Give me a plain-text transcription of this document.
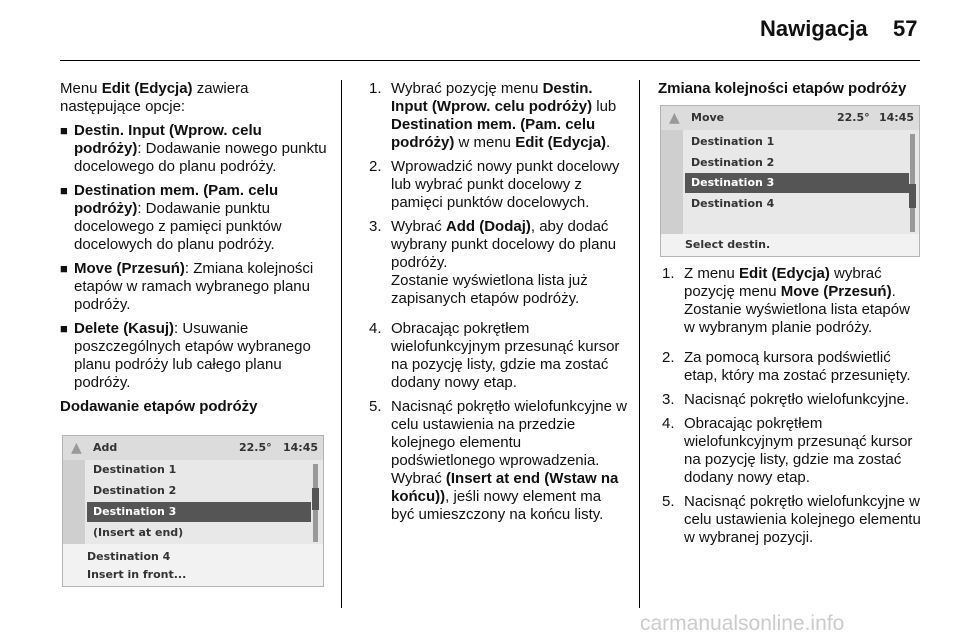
Nawigacja 57

Menu Edit (Edycja) zawiera następujące opcje:

■ Destin. Input (Wprow. celu podróży): Dodawanie nowego punktu docelowego do planu podróży.
■ Destination mem. (Pam. celu podróży): Dodawanie punktu docelowego z pamięci punktów docelowych do planu podróży.
■ Move (Przesuń): Zmiana kolejności etapów w ramach wybranego planu podróży.
■ Delete (Kasuj): Usuwanie poszczególnych etapów wybranego planu podróży lub całego planu podróży.

Dodawanie etapów podróży

▲ Add	22.5° 14:45
Destination 1
Destination 2
Destination 3
(Insert at end)
Destination 4
Insert in front...
1. Wybrać pozycję menu Destin. Input (Wprow. celu podróży) lub Destination mem. (Pam. celu podróży) w menu Edit (Edycja).
2. Wprowadzić nowy punkt docelowy lub wybrać punkt docelowy z pamięci punktów docelowych.
3. Wybrać Add (Dodaj), aby dodać wybrany punkt docelowy do planu podróży.

Zostanie wyświetlona lista już zapisanych etapów podróży.

4. Obracając pokrętłem wielofunkcyjnym przesunąć kursor na pozycję listy, gdzie ma zostać dodany nowy etap.
5. Nacisnąć pokrętło wielofunkcyjne w celu ustawienia na przedzie kolejnego elementu podświetlonego wprowadzenia.

Wybrać (Insert at end (Wstaw na końcu)), jeśli nowy element ma być umieszczony na końcu listy.

Zmiana kolejności etapów podróży

▲ Move	22.5° 14:45
Destination 1
Destination 2
Destination 3
Destination 4
Select destin.
1. Z menu Edit (Edycja) wybrać pozycję menu Move (Przesuń).

Zostanie wyświetlona lista etapów w wybranym planie podróży.

2. Za pomocą kursora podświetlić etap, który ma zostać przesunięty.
3. Nacisnąć pokrętło wielofunkcyjne.
4. Obracając pokrętłem wielofunkcyjnym przesunąć kursor na pozycję listy, gdzie ma zostać dodany nowy etap.
5. Nacisnąć pokrętło wielofunkcyjne w celu ustawienia kolejnego elementu w wybranej pozycji.
carmanualsonline.info
